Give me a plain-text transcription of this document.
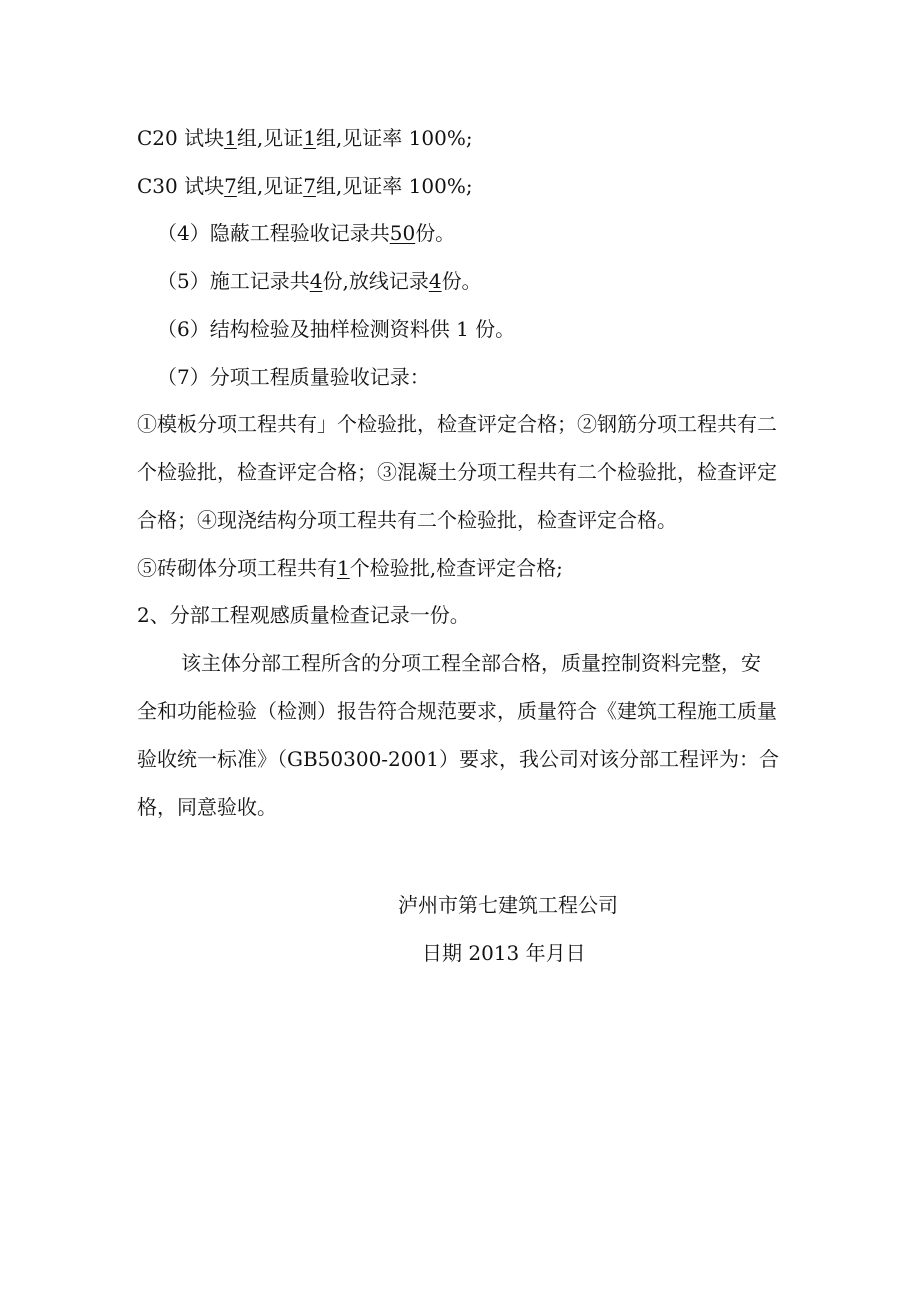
C20 试块1组,见证1组,见证率 100%;

C30 试块7组,见证7组,见证率 100%;

（4）隐蔽工程验收记录共50份。

（5）施工记录共4份,放线记录4份。

（6）结构检验及抽样检测资料供 1 份。

（7）分项工程质量验收记录：

①模板分项工程共有」个检验批，检查评定合格；②钢筋分项工程共有二

个检验批，检查评定合格；③混凝土分项工程共有二个检验批，检查评定

合格；④现浇结构分项工程共有二个检验批，检查评定合格。

⑤砖砌体分项工程共有1个检验批,检查评定合格;

2、分部工程观感质量检查记录一份。

该主体分部工程所含的分项工程全部合格，质量控制资料完整，安

全和功能检验（检测）报告符合规范要求，质量符合《建筑工程施工质量

验收统一标准》（GB50300-2001）要求，我公司对该分部工程评为：合

格，同意验收。

泸州市第七建筑工程公司

日期 2013 年月日
